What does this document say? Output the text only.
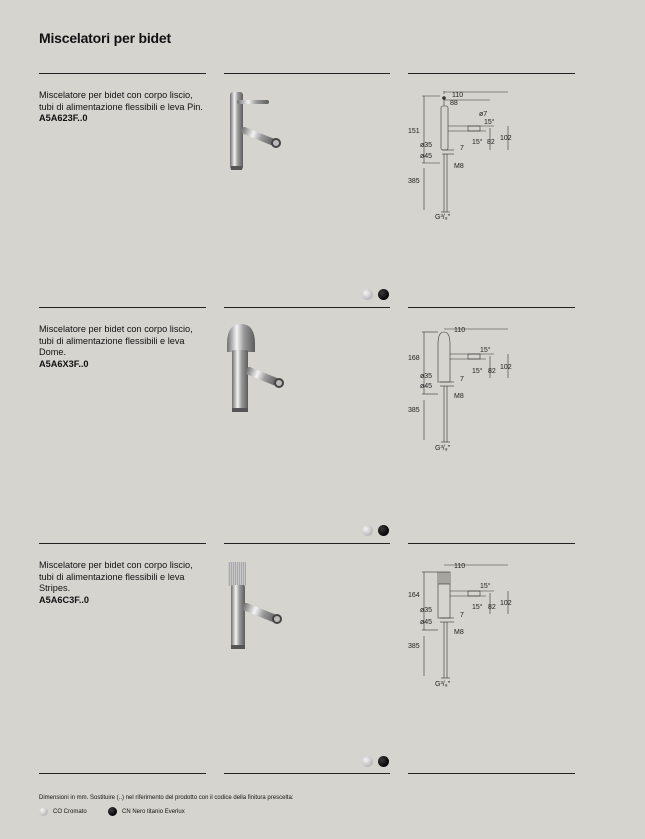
Miscelatori per bidet
Miscelatore per bidet con corpo liscio, tubi di alimentazione flessibili e leva Pin.
A5A623F..0
110
88
ø7
15°
151
15° 82
102
ø35	7
ø45
M8
385
G³/₈"
Miscelatore per bidet con corpo liscio, tubi di alimentazione flessibili e leva Dome.
A5A6X3F..0
110
15°
168
15° 82
102
ø35	7
ø45
M8
385
G³/₈"
Miscelatore per bidet con corpo liscio, tubi di alimentazione flessibili e leva Stripes.
A5A6C3F..0
110
15°
164
15° 82
102
ø35
7
ø45
M8
385
G³/₈"
Dimensioni in mm. Sostituire (..) nel riferimento del prodotto con il codice della finitura prescelta:
CO
Cromato	CN
Nero titanio Everlux
